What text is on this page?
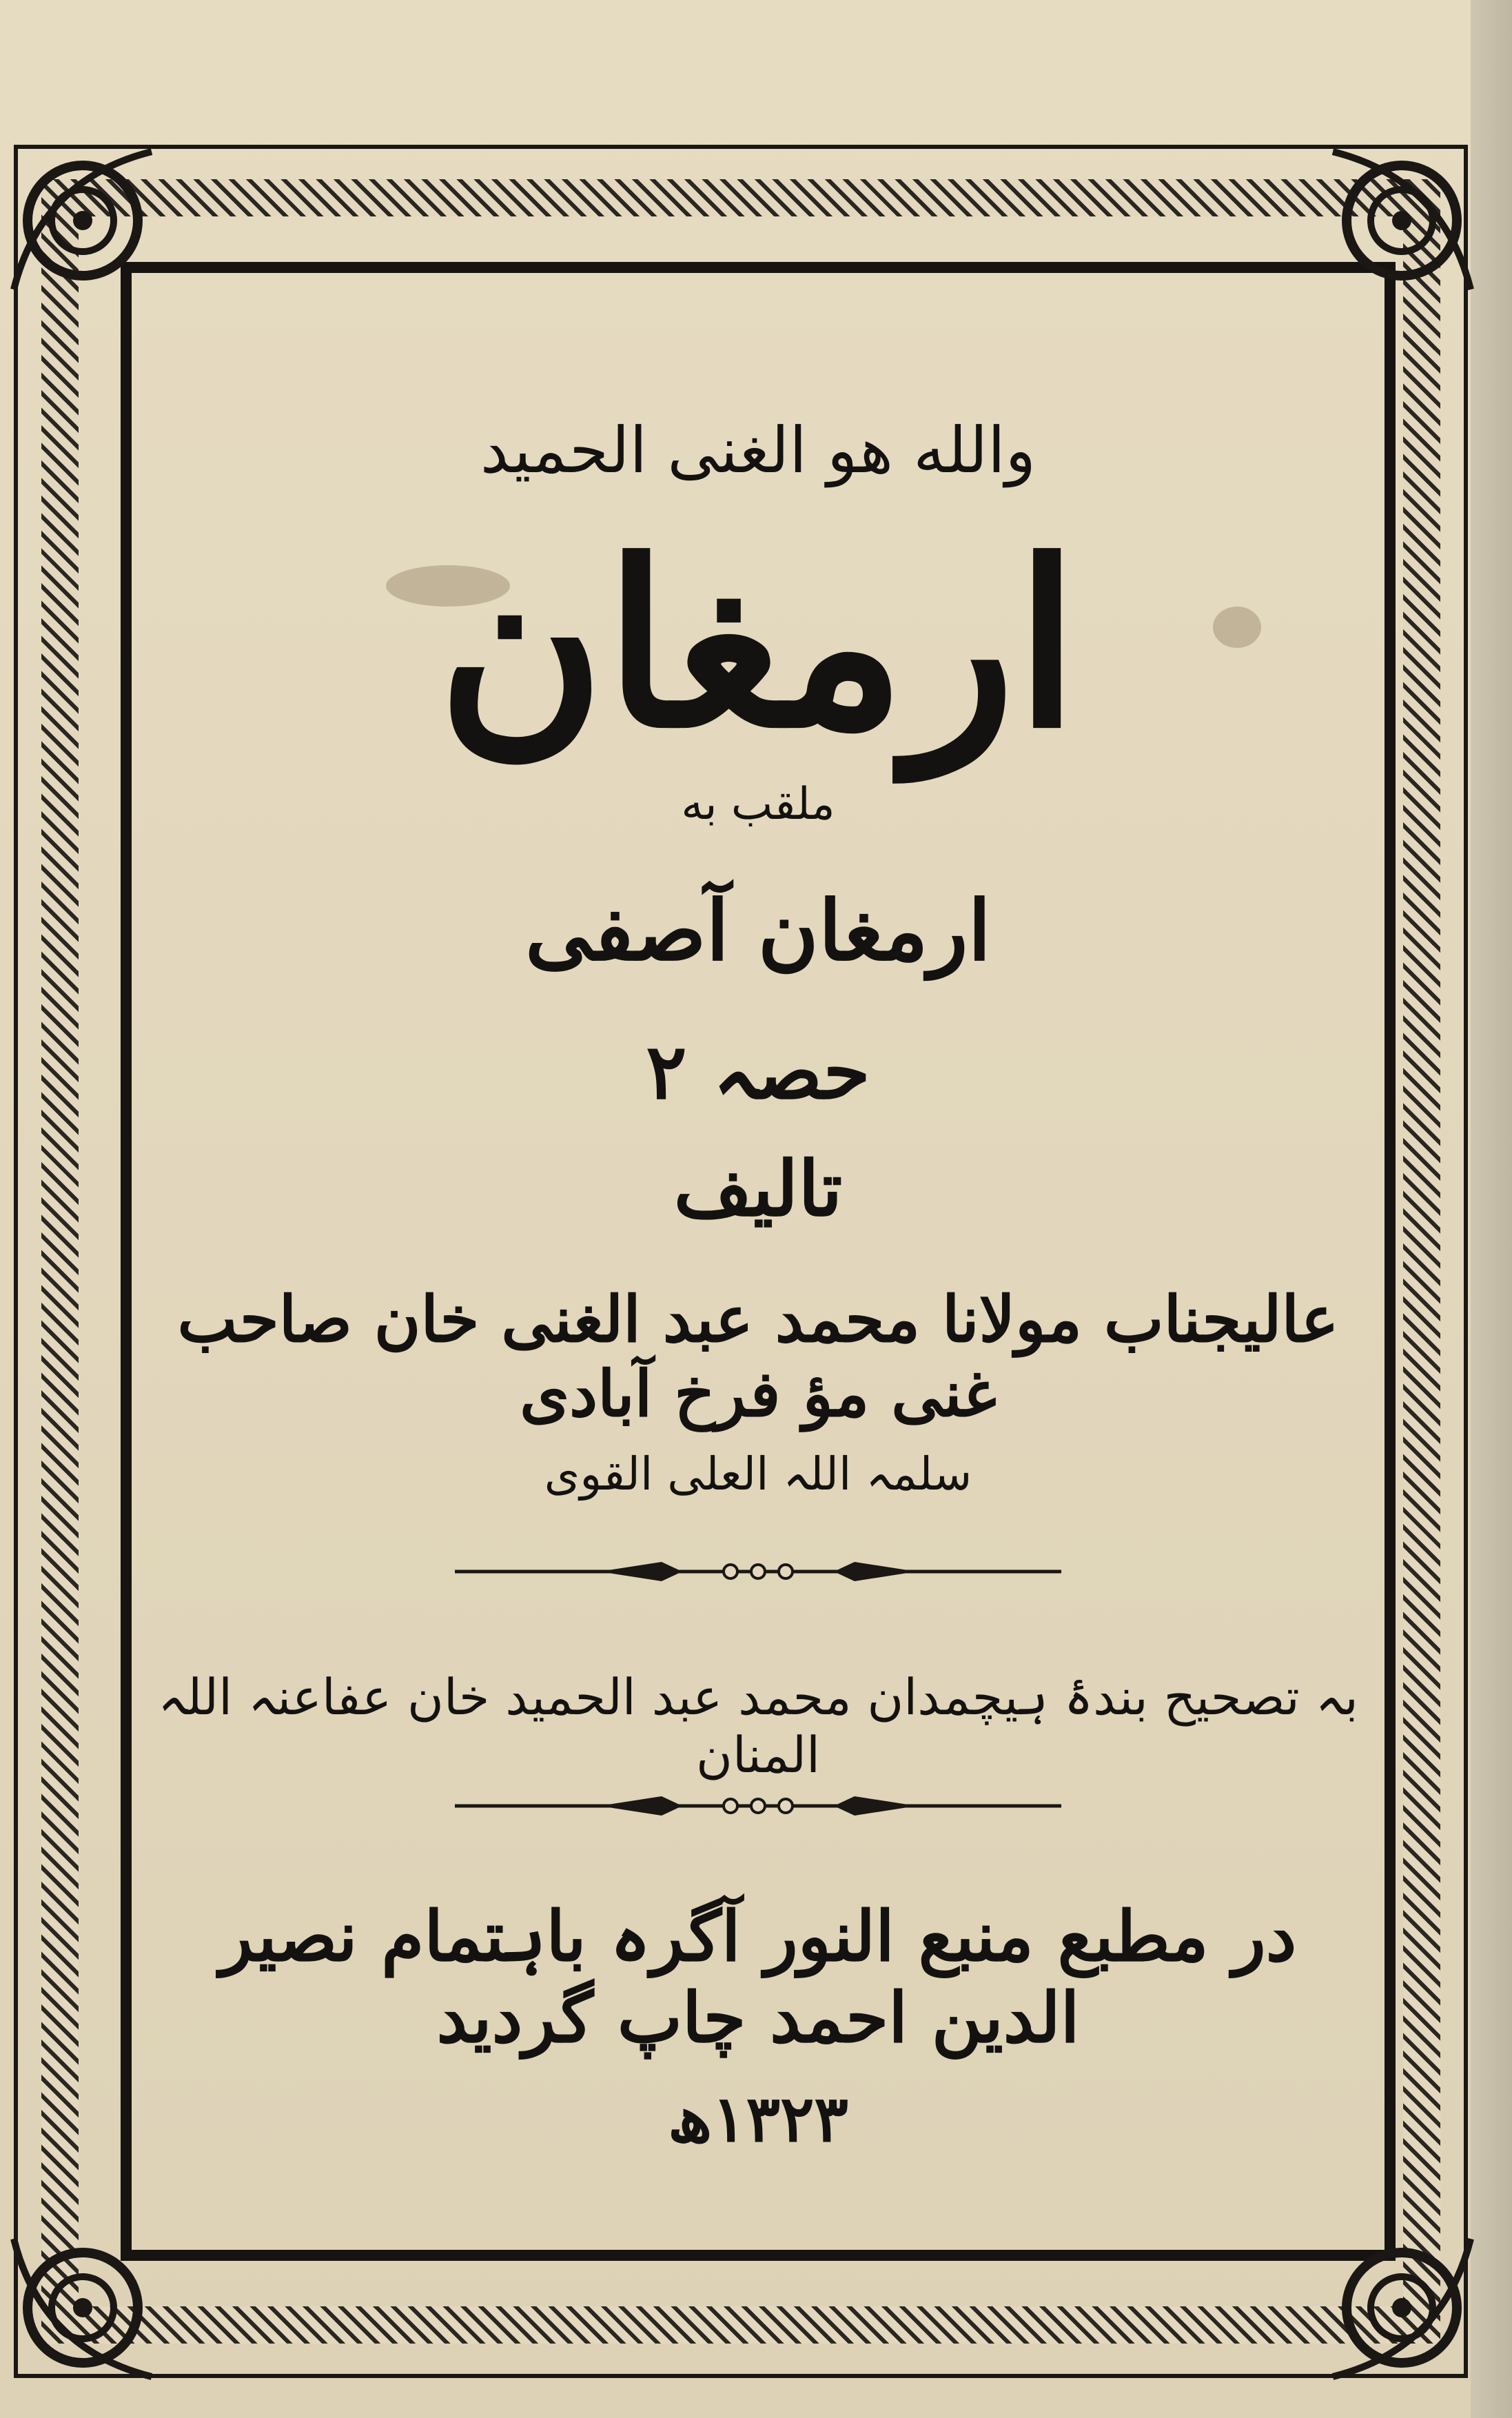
والله هو الغنی الحمید
ارمغان
ملقب به
ارمغان آصفی
حصہ ۲
تالیف
عالیجناب مولانا محمد عبد الغنی خان صاحب غنی مؤ فرخ آبادی
سلمہ اللہ العلی القوی
بہ تصحیح بندۂ ہیچمدان محمد عبد الحمید خان عفاعنہ اللہ المنان
در مطبع منبع النور آگرہ باہتمام نصیر الدین احمد چاپ گردید
۱۳۲۳ھ
